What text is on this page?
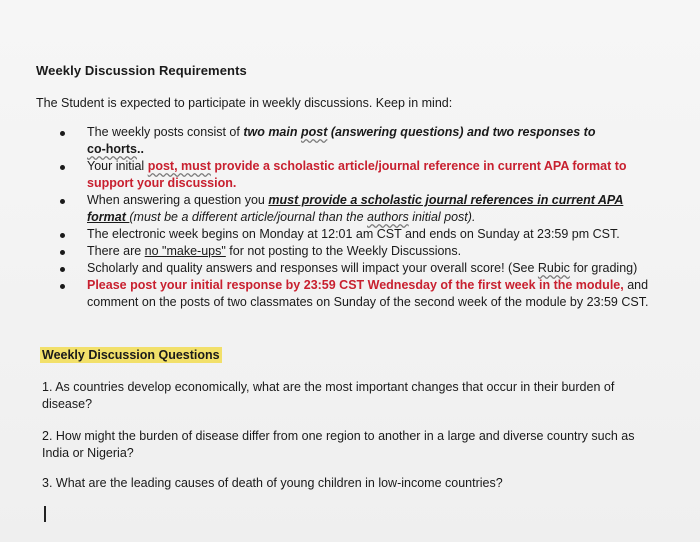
Weekly Discussion Requirements
The Student is expected to participate in weekly discussions. Keep in mind:
The weekly posts consist of two main post (answering questions) and two responses to
co-horts..
Your initial post, must provide a scholastic article/journal reference in current APA format to support your discussion.
When answering a question you must provide a scholastic journal references in current APA format (must be a different article/journal than the authors initial post).
The electronic week begins on Monday at 12:01 am CST and ends on Sunday at 23:59 pm CST.
There are no "make-ups" for not posting to the Weekly Discussions.
Scholarly and quality answers and responses will impact your overall score! (See Rubic for grading)
Please post your initial response by 23:59 CST Wednesday of the first week in the module, and comment on the posts of two classmates on Sunday of the second week of the module by 23:59 CST.
Weekly Discussion Questions
1. As countries develop economically, what are the most important changes that occur in their burden of disease?
2. How might the burden of disease differ from one region to another in a large and diverse country such as India or Nigeria?
3. What are the leading causes of death of young children in low-income countries?
